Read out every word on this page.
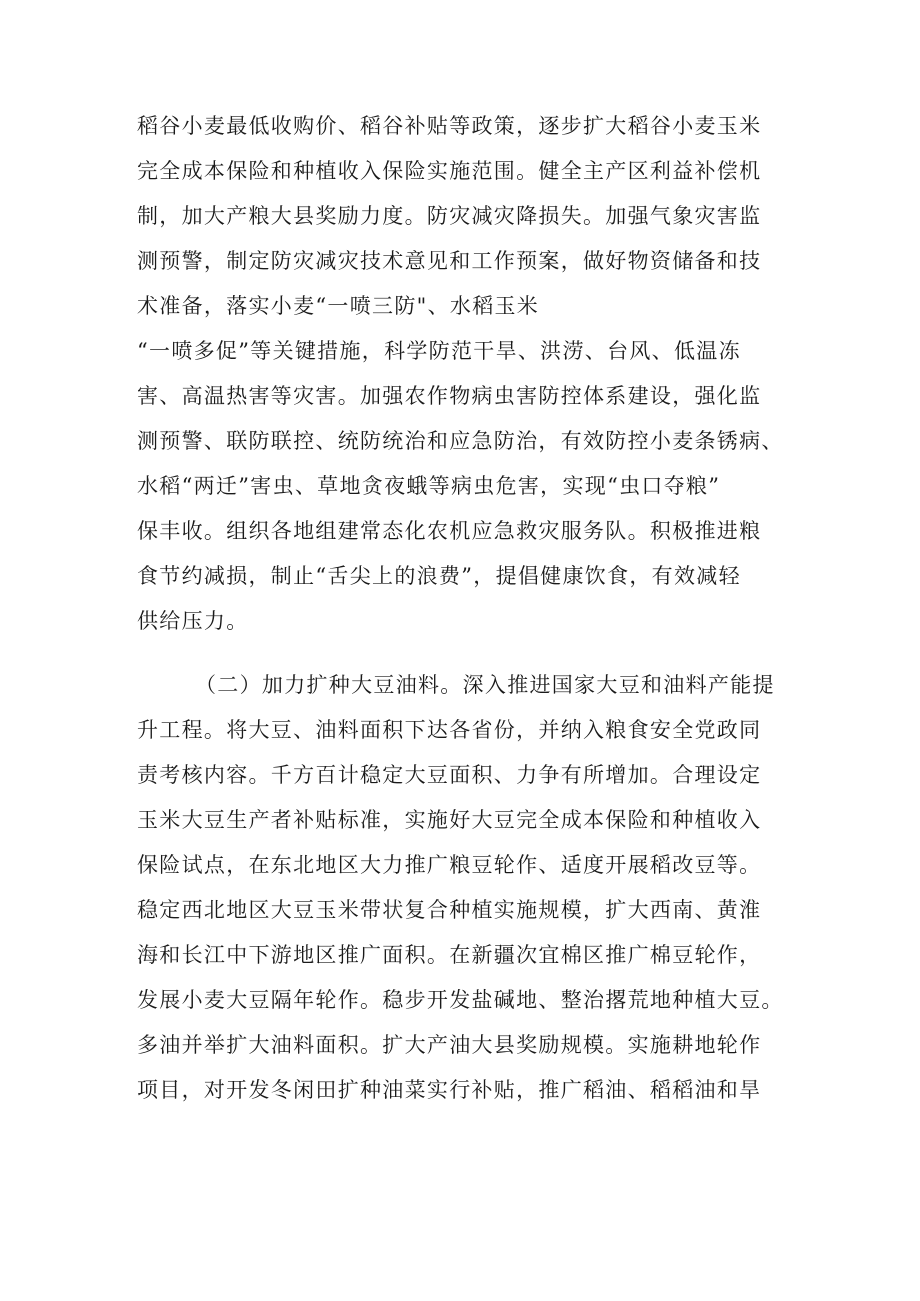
稻谷小麦最低收购价、稻谷补贴等政策，逐步扩大稻谷小麦玉米
完全成本保险和种植收入保险实施范围。健全主产区利益补偿机
制，加大产粮大县奖励力度。防灾减灾降损失。加强气象灾害监
测预警，制定防灾减灾技术意见和工作预案，做好物资储备和技
术准备，落实小麦“一喷三防"、水稻玉米
“一喷多促”等关键措施，科学防范干旱、洪涝、台风、低温冻
害、高温热害等灾害。加强农作物病虫害防控体系建设，强化监
测预警、联防联控、统防统治和应急防治，有效防控小麦条锈病、
水稻“两迁”害虫、草地贪夜蛾等病虫危害，实现“虫口夺粮”
保丰收。组织各地组建常态化农机应急救灾服务队。积极推进粮
食节约减损，制止“舌尖上的浪费”，提倡健康饮食，有效减轻
供给压力。
（二）加力扩种大豆油料。深入推进国家大豆和油料产能提
升工程。将大豆、油料面积下达各省份，并纳入粮食安全党政同
责考核内容。千方百计稳定大豆面积、力争有所增加。合理设定
玉米大豆生产者补贴标准，实施好大豆完全成本保险和种植收入
保险试点，在东北地区大力推广粮豆轮作、适度开展稻改豆等。
稳定西北地区大豆玉米带状复合种植实施规模，扩大西南、黄淮
海和长江中下游地区推广面积。在新疆次宜棉区推广棉豆轮作，
发展小麦大豆隔年轮作。稳步开发盐碱地、整治撂荒地种植大豆。
多油并举扩大油料面积。扩大产油大县奖励规模。实施耕地轮作
项目，对开发冬闲田扩种油菜实行补贴，推广稻油、稻稻油和旱
